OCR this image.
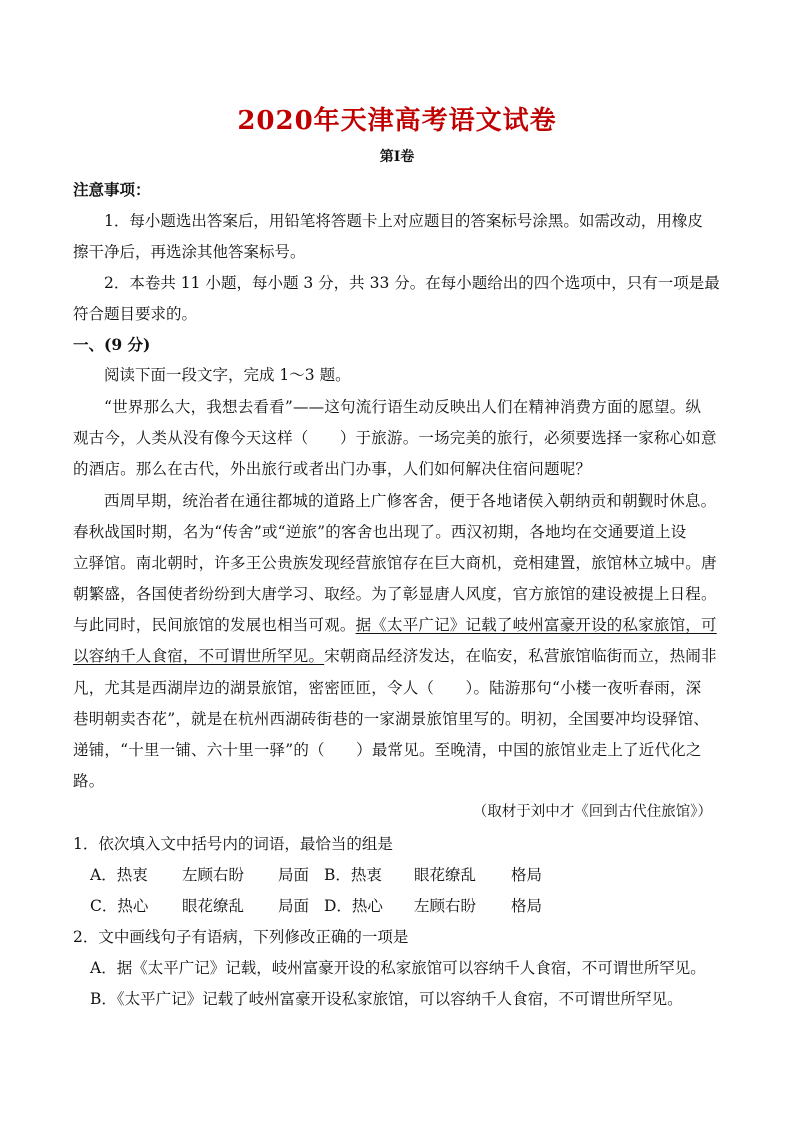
2020年天津高考语文试卷
第Ⅰ卷
注意事项：
1．每小题选出答案后，用铅笔将答题卡上对应题目的答案标号涂黑。如需改动，用橡皮
擦干净后，再选涂其他答案标号。
2．本卷共 11 小题，每小题 3 分，共 33 分。在每小题给出的四个选项中，只有一项是最
符合题目要求的。
一、(9 分)
阅读下面一段文字，完成 1～3 题。
“世界那么大，我想去看看”——这句流行语生动反映出人们在精神消费方面的愿望。纵
观古今，人类从没有像今天这样（　　）于旅游。一场完美的旅行，必须要选择一家称心如意
的酒店。那么在古代，外出旅行或者出门办事，人们如何解决住宿问题呢？
西周早期，统治者在通往都城的道路上广修客舍，便于各地诸侯入朝纳贡和朝觐时休息。
春秋战国时期，名为“传舍”或“逆旅”的客舍也出现了。西汉初期，各地均在交通要道上设
立驿馆。南北朝时，许多王公贵族发现经营旅馆存在巨大商机，竞相建置，旅馆林立城中。唐
朝繁盛，各国使者纷纷到大唐学习、取经。为了彰显唐人风度，官方旅馆的建设被提上日程。
与此同时，民间旅馆的发展也相当可观。据《太平广记》记载了岐州富豪开设的私家旅馆，可
以容纳千人食宿，不可谓世所罕见。宋朝商品经济发达，在临安，私营旅馆临街而立，热闹非
凡，尤其是西湖岸边的湖景旅馆，密密匝匝，令人（　　）。陆游那句“小楼一夜听春雨，深
巷明朝卖杏花”，就是在杭州西湖砖街巷的一家湖景旅馆里写的。明初，全国要冲均设驿馆、
递铺，“十里一铺、六十里一驿”的（　　）最常见。至晚清，中国的旅馆业走上了近代化之
路。
（取材于刘中才《回到古代住旅馆》）
1．依次填入文中括号内的词语，最恰当的组是
A．热衷 左顾右盼 局面 B．热衷 眼花缭乱 格局
C．热心 眼花缭乱 局面 D．热心 左顾右盼 格局
2．文中画线句子有语病，下列修改正确的一项是
A．据《太平广记》记载，岐州富豪开设的私家旅馆可以容纳千人食宿，不可谓世所罕见。
B．《太平广记》记载了岐州富豪开设私家旅馆，可以容纳千人食宿，不可谓世所罕见。
